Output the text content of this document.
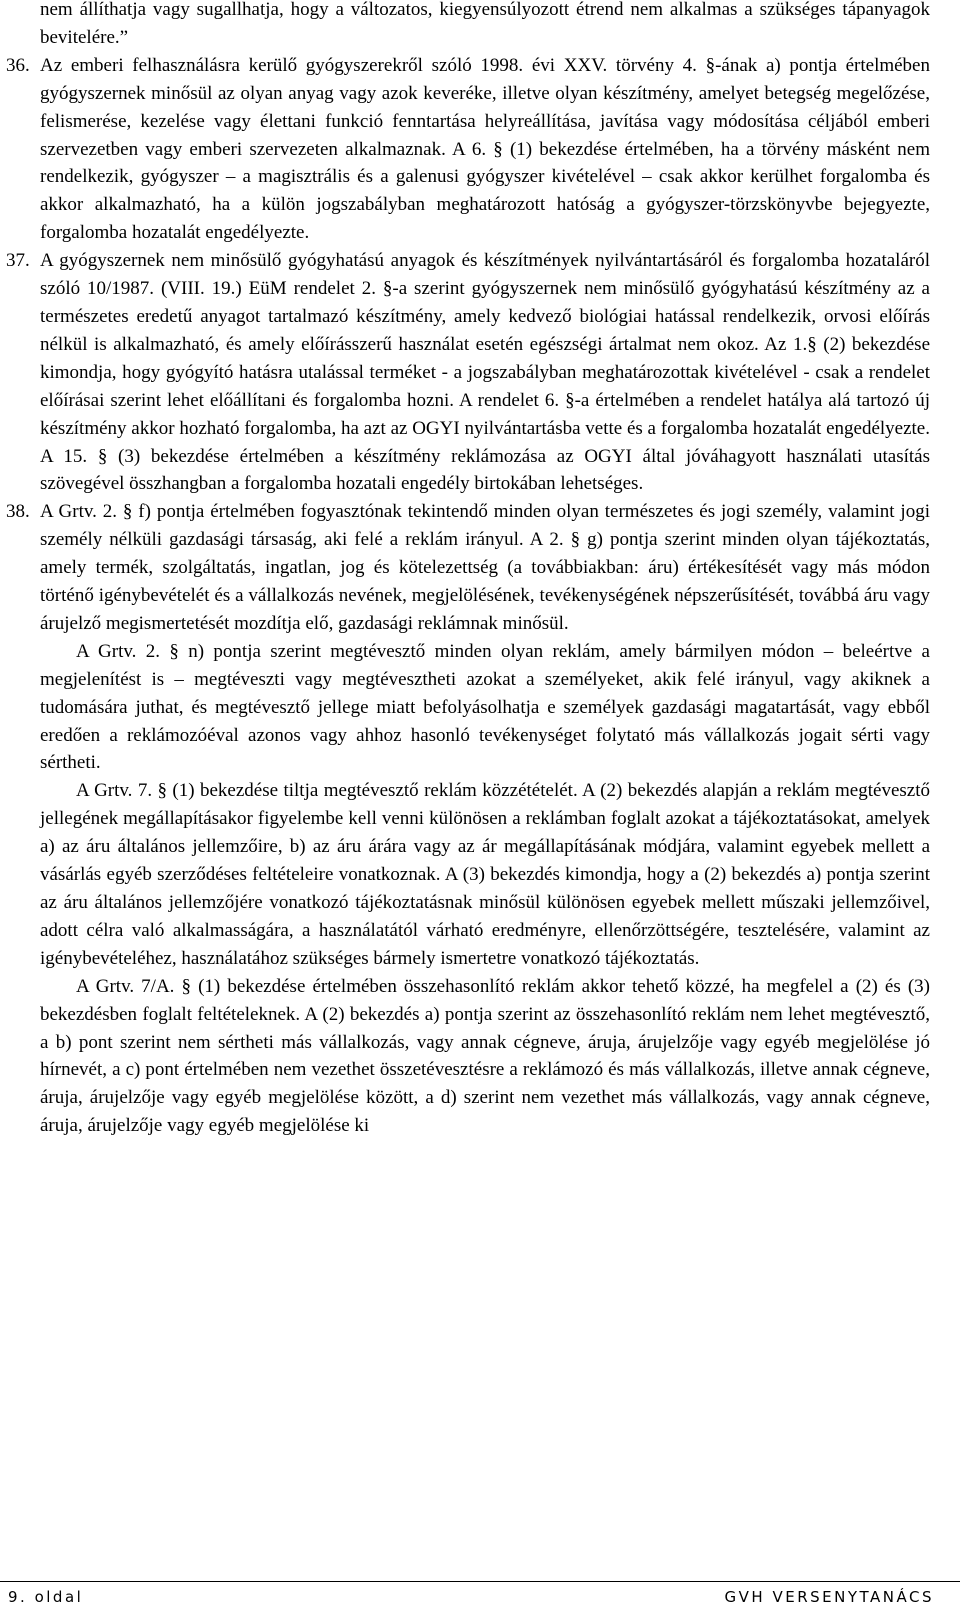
nem állíthatja vagy sugallhatja, hogy a változatos, kiegyensúlyozott étrend nem alkalmas a szükséges tápanyagok bevitelére.”

36. Az emberi felhasználásra kerülő gyógyszerekről szóló 1998. évi XXV. törvény 4. §-ának a) pontja értelmében gyógyszernek minősül az olyan anyag vagy azok keveréke, illetve olyan készítmény, amelyet betegség megelőzése, felismerése, kezelése vagy élettani funkció fenntartása helyreállítása, javítása vagy módosítása céljából emberi szervezetben vagy emberi szervezeten alkalmaznak. A 6. § (1) bekezdése értelmében, ha a törvény másként nem rendelkezik, gyógyszer – a magisztrális és a galenusi gyógyszer kivételével – csak akkor kerülhet forgalomba és akkor alkalmazható, ha a külön jogszabályban meghatározott hatóság a gyógyszer-törzskönyvbe bejegyezte, forgalomba hozatalát engedélyezte.

37. A gyógyszernek nem minősülő gyógyhatású anyagok és készítmények nyilvántartásáról és forgalomba hozataláról szóló 10/1987. (VIII. 19.) EüM rendelet 2. §-a szerint gyógyszernek nem minősülő gyógyhatású készítmény az a természetes eredetű anyagot tartalmazó készítmény, amely kedvező biológiai hatással rendelkezik, orvosi előírás nélkül is alkalmazható, és amely előírásszerű használat esetén egészségi ártalmat nem okoz. Az 1.§ (2) bekezdése kimondja, hogy gyógyító hatásra utalással terméket - a jogszabályban meghatározottak kivételével - csak a rendelet előírásai szerint lehet előállítani és forgalomba hozni. A rendelet 6. §-a értelmében a rendelet hatálya alá tartozó új készítmény akkor hozható forgalomba, ha azt az OGYI nyilvántartásba vette és a forgalomba hozatalát engedélyezte. A 15. § (3) bekezdése értelmében a készítmény reklámozása az OGYI által jóváhagyott használati utasítás szövegével összhangban a forgalomba hozatali engedély birtokában lehetséges.

38. A Grtv. 2. § f) pontja értelmében fogyasztónak tekintendő minden olyan természetes és jogi személy, valamint jogi személy nélküli gazdasági társaság, aki felé a reklám irányul. A 2. § g) pontja szerint minden olyan tájékoztatás, amely termék, szolgáltatás, ingatlan, jog és kötelezettség (a továbbiakban: áru) értékesítését vagy más módon történő igénybevételét és a vállalkozás nevének, megjelölésének, tevékenységének népszerűsítését, továbbá áru vagy árujelző megismertetését mozdítja elő, gazdasági reklámnak minősül.

A Grtv. 2. § n) pontja szerint megtévesztő minden olyan reklám, amely bármilyen módon – beleértve a megjelenítést is – megtéveszti vagy megtévesztheti azokat a személyeket, akik felé irányul, vagy akiknek a tudomására juthat, és megtévesztő jellege miatt befolyásolhatja e személyek gazdasági magatartását, vagy ebből eredően a reklámozóéval azonos vagy ahhoz hasonló tevékenységet folytató más vállalkozás jogait sérti vagy sértheti.

A Grtv. 7. § (1) bekezdése tiltja megtévesztő reklám közzétételét. A (2) bekezdés alapján a reklám megtévesztő jellegének megállapításakor figyelembe kell venni különösen a reklámban foglalt azokat a tájékoztatásokat, amelyek a) az áru általános jellemzőire, b) az áru árára vagy az ár megállapításának módjára, valamint egyebek mellett a vásárlás egyéb szerződéses feltételeire vonatkoznak. A (3) bekezdés kimondja, hogy a (2) bekezdés a) pontja szerint az áru általános jellemzőjére vonatkozó tájékoztatásnak minősül különösen egyebek mellett műszaki jellemzőivel, adott célra való alkalmasságára, a használatától várható eredményre, ellenőrzöttségére, tesztelésére, valamint az igénybevételéhez, használatához szükséges bármely ismertetre vonatkozó tájékoztatás.

A Grtv. 7/A. § (1) bekezdése értelmében összehasonlító reklám akkor tehető közzé, ha megfelel a (2) és (3) bekezdésben foglalt feltételeknek. A (2) bekezdés a) pontja szerint az összehasonlító reklám nem lehet megtévesztő, a b) pont szerint nem sértheti más vállalkozás, vagy annak cégneve, áruja, árujelzője vagy egyéb megjelölése jó hírnevét, a c) pont értelmében nem vezethet összetévesztésre a reklámozó és más vállalkozás, illetve annak cégneve, áruja, árujelzője vagy egyéb megjelölése között, a d) szerint nem vezethet más vállalkozás, vagy annak cégneve, áruja, árujelzője vagy egyéb megjelölése ki

9. oldal	GVH VERSENYTANÁCS
